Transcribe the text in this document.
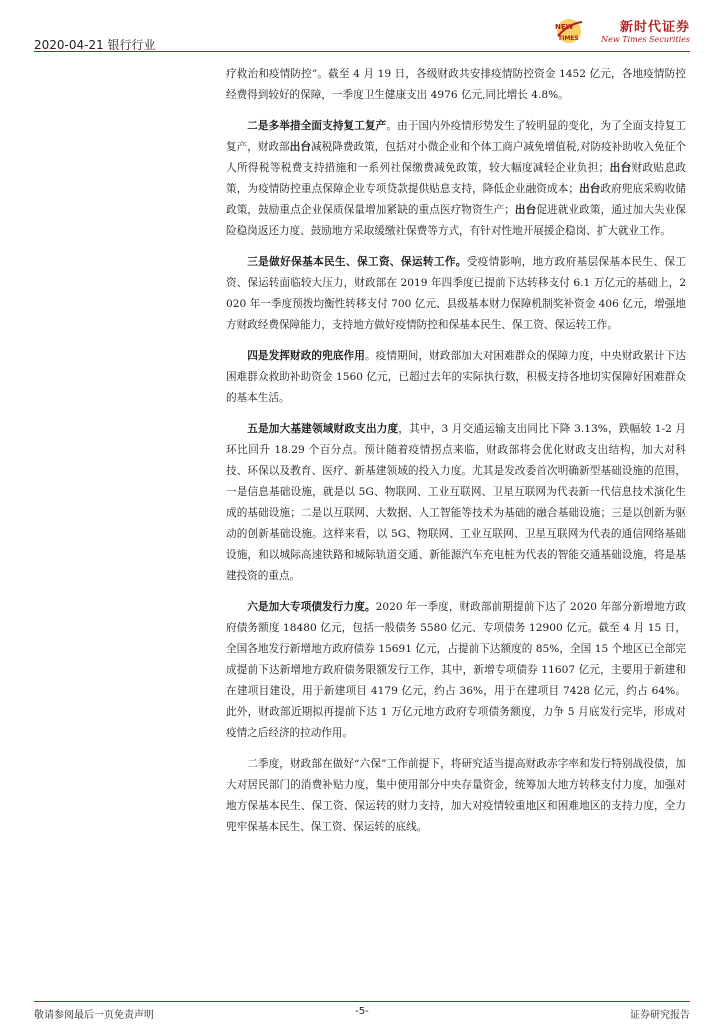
2020-04-21 银行行业
NEW
TIMES
新时代证券
New Times Securities

疗救治和疫情防控”。截至 4 月 19 日，各级财政共安排疫情防控资金 1452 亿元，各地疫情防控经费得到较好的保障，一季度卫生健康支出 4976 亿元,同比增长 4.8%。

二是多举措全面支持复工复产。由于国内外疫情形势发生了较明显的变化，为了全面支持复工复产，财政部出台减税降费政策，包括对小微企业和个体工商户减免增值税,对防疫补助收入免征个人所得税等税费支持措施和一系列社保缴费减免政策，较大幅度减轻企业负担；出台财政贴息政策，为疫情防控重点保障企业专项贷款提供贴息支持，降低企业融资成本；出台政府兜底采购收储政策，鼓励重点企业保质保量增加紧缺的重点医疗物资生产；出台促进就业政策，通过加大失业保险稳岗返还力度、鼓励地方采取缓缴社保费等方式，有针对性地开展援企稳岗、扩大就业工作。

三是做好保基本民生、保工资、保运转工作。受疫情影响，地方政府基层保基本民生、保工资、保运转面临较大压力，财政部在 2019 年四季度已提前下达转移支付 6.1 万亿元的基础上，2020 年一季度预拨均衡性转移支付 700 亿元、县级基本财力保障机制奖补资金 406 亿元，增强地方财政经费保障能力，支持地方做好疫情防控和保基本民生、保工资、保运转工作。

四是发挥财政的兜底作用。疫情期间，财政部加大对困难群众的保障力度，中央财政累计下达困难群众救助补助资金 1560 亿元，已超过去年的实际执行数，积极支持各地切实保障好困难群众的基本生活。

五是加大基建领域财政支出力度，其中，3 月交通运输支出同比下降 3.13%，跌幅较 1-2 月环比回升 18.29 个百分点。预计随着疫情拐点来临，财政部将会优化财政支出结构，加大对科技、环保以及教育、医疗、新基建领域的投入力度。尤其是发改委首次明确新型基础设施的范围，一是信息基础设施，就是以 5G、物联网、工业互联网、卫星互联网为代表新一代信息技术演化生成的基础设施；二是以互联网、大数据、人工智能等技术为基础的融合基础设施；三是以创新为驱动的创新基础设施。这样来看，以 5G、物联网、工业互联网、卫星互联网为代表的通信网络基础设施，和以城际高速铁路和城际轨道交通、新能源汽车充电桩为代表的智能交通基础设施，将是基建投资的重点。

六是加大专项债发行力度。2020 年一季度，财政部前期提前下达了 2020 年部分新增地方政府债务额度 18480 亿元，包括一般债务 5580 亿元、专项债务 12900 亿元。截至 4 月 15 日，全国各地发行新增地方政府债券 15691 亿元，占提前下达额度的 85%，全国 15 个地区已全部完成提前下达新增地方政府债务限额发行工作，其中，新增专项债券 11607 亿元，主要用于新建和在建项目建设，用于新建项目 4179 亿元，约占 36%，用于在建项目 7428 亿元，约占 64%。此外，财政部近期拟再提前下达 1 万亿元地方政府专项债务额度，力争 5 月底发行完毕，形成对疫情之后经济的拉动作用。

二季度，财政部在做好“六保”工作前提下，将研究适当提高财政赤字率和发行特别战役债，加大对居民部门的消费补贴力度，集中使用部分中央存量资金，统筹加大地方转移支付力度，加强对地方保基本民生、保工资、保运转的财力支持，加大对疫情较重地区和困难地区的支持力度，全力兜牢保基本民生、保工资、保运转的底线。

敬请参阅最后一页免责声明	-5-	证券研究报告
